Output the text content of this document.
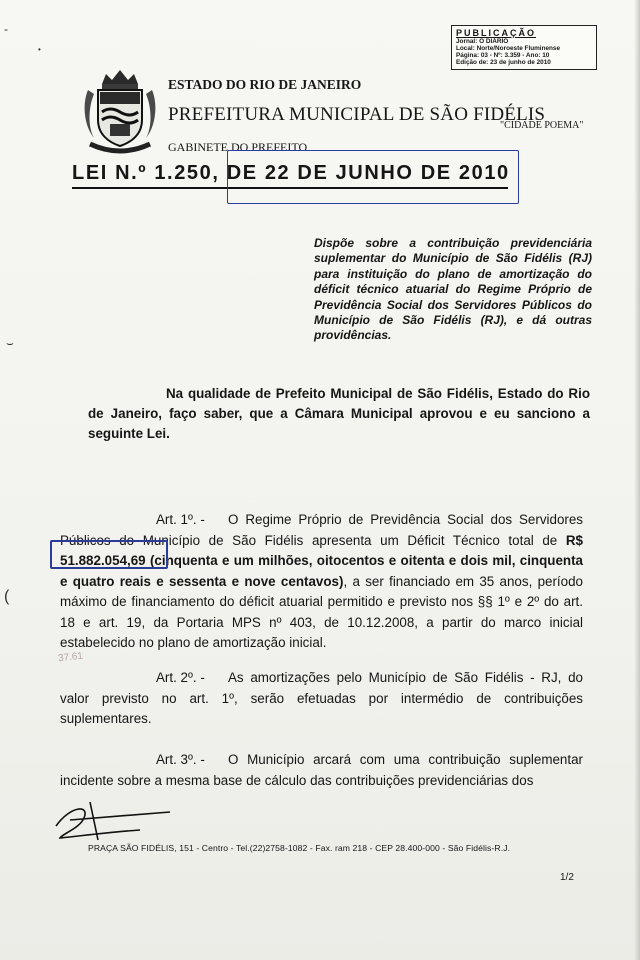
-
•
⌣
(
PUBLICAÇÃO
Jornal: O DIÁRIO
Local: Norte/Noroeste Fluminense
Página: 03 - Nº: 3.359 - Ano: 10
Edição de: 23 de junho de 2010
ESTADO DO RIO DE JANEIRO
PREFEITURA MUNICIPAL DE SÃO FIDÉLIS
"CIDADE POEMA"
GABINETE DO PREFEITO
LEI N.º 1.250, DE 22 DE JUNHO DE 2010
Dispõe sobre a contribuição previdenciária suplementar do Município de São Fidélis (RJ) para instituição do plano de amortização do déficit técnico atuarial do Regime Próprio de Previdência Social dos Servidores Públicos do Município de São Fidélis (RJ), e dá outras providências.
Na qualidade de Prefeito Municipal de São Fidélis, Estado do Rio de Janeiro, faço saber, que a Câmara Municipal aprovou e eu sanciono a seguinte Lei.
Art. 1º. - O Regime Próprio de Previdência Social dos Servidores Públicos do Município de São Fidélis apresenta um Déficit Técnico total de R$ 51.882.054,69 (cinquenta e um milhões, oitocentos e oitenta e dois mil, cinquenta e quatro reais e sessenta e nove centavos), a ser financiado em 35 anos, período máximo de financiamento do déficit atuarial permitido e previsto nos §§ 1º e 2º do art. 18 e art. 19, da Portaria MPS nº 403, de 10.12.2008, a partir do marco inicial estabelecido no plano de amortização inicial.
37.61
Art. 2º. - As amortizações pelo Município de São Fidélis - RJ, do valor previsto no art. 1º, serão efetuadas por intermédio de contribuições suplementares.
Art. 3º. - O Município arcará com uma contribuição suplementar incidente sobre a mesma base de cálculo das contribuições previdenciárias dos
PRAÇA SÃO FIDÉLIS, 151 - Centro - Tel.(22)2758-1082 - Fax. ram 218 - CEP 28.400-000 - São Fidélis-R.J.
1/2
